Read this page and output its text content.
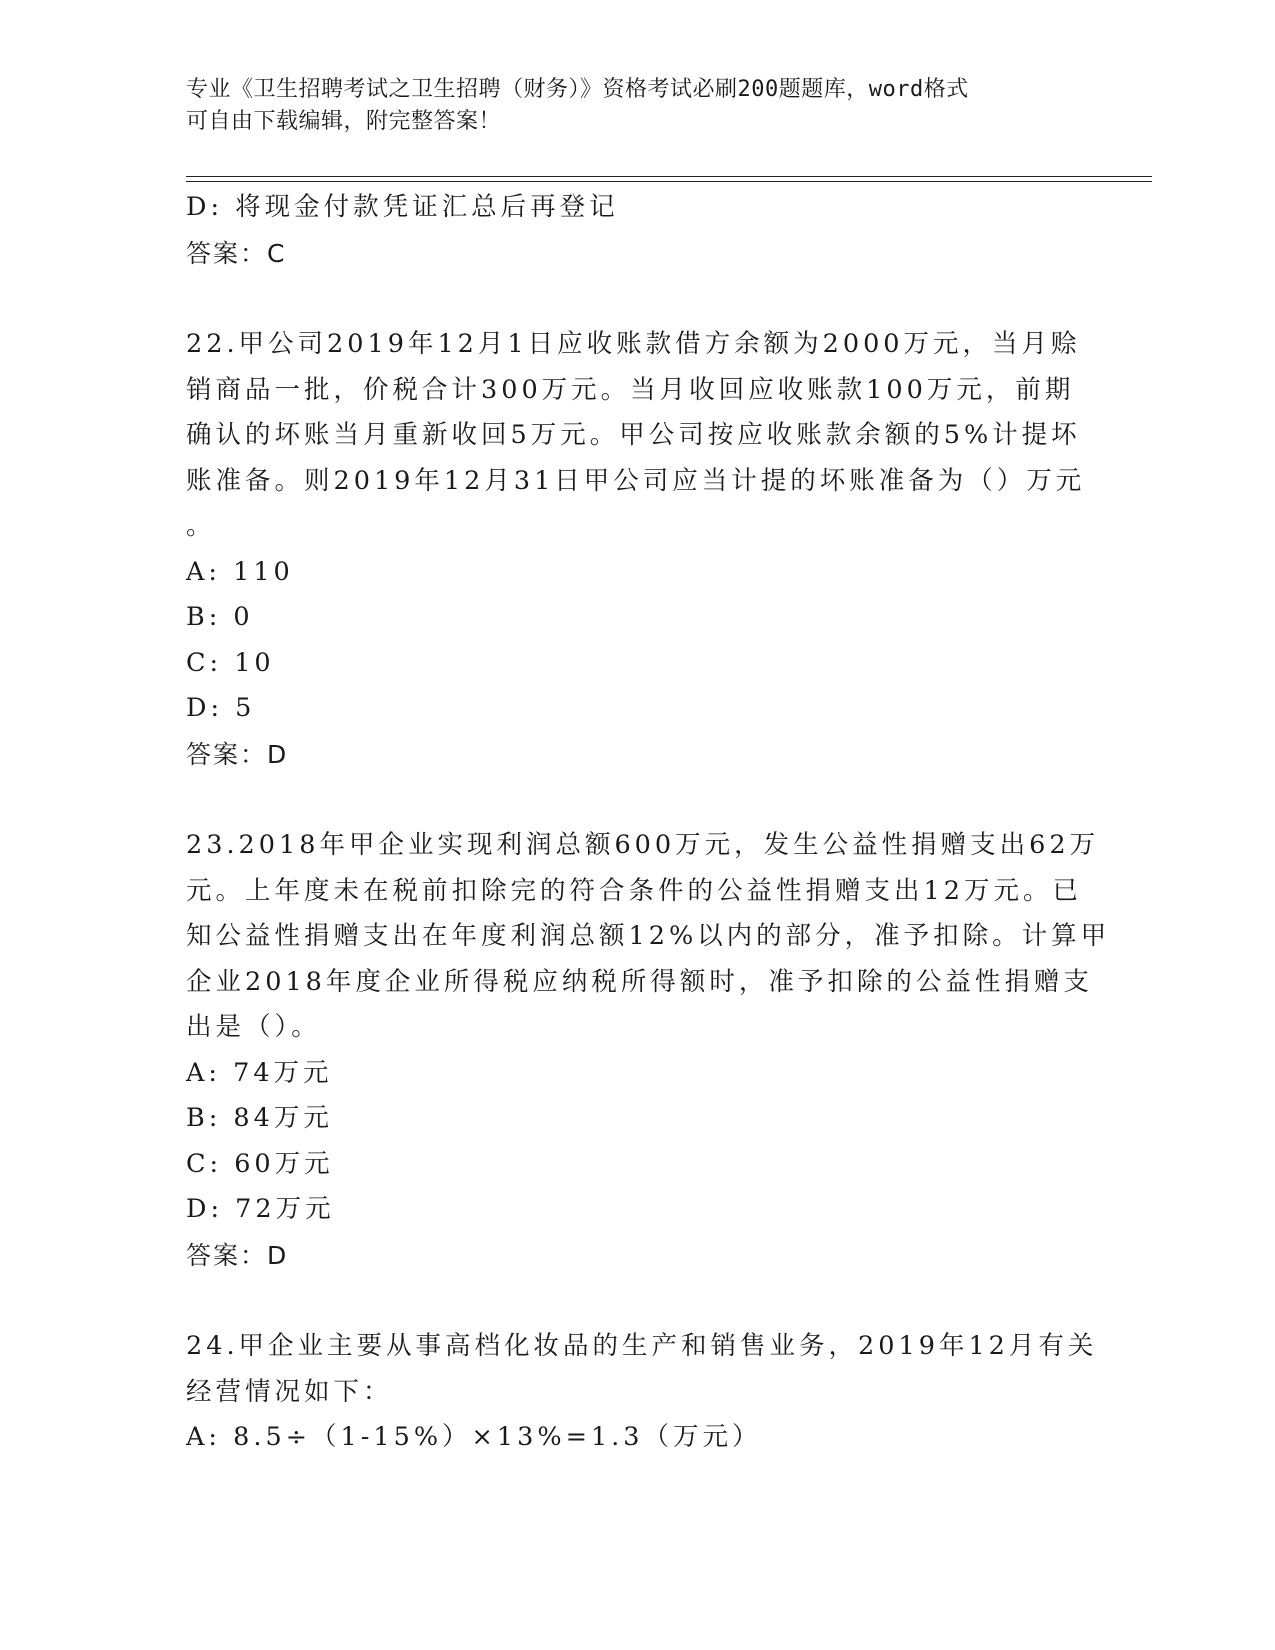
专业《卫生招聘考试之卫生招聘（财务）》资格考试必刷200题题库，word格式
可自由下载编辑，附完整答案！
D: 将现金付款凭证汇总后再登记
答案：C
22.甲公司2019年12月1日应收账款借方余额为2000万元，当月赊
销商品一批，价税合计300万元。当月收回应收账款100万元，前期
确认的坏账当月重新收回5万元。甲公司按应收账款余额的5%计提坏
账准备。则2019年12月31日甲公司应当计提的坏账准备为（）万元
。
A: 110
B: 0
C: 10
D: 5
答案：D
23.2018年甲企业实现利润总额600万元，发生公益性捐赠支出62万
元。上年度未在税前扣除完的符合条件的公益性捐赠支出12万元。已
知公益性捐赠支出在年度利润总额12%以内的部分，准予扣除。计算甲
企业2018年度企业所得税应纳税所得额时，准予扣除的公益性捐赠支
出是（）。
A: 74万元
B: 84万元
C: 60万元
D: 72万元
答案：D
24.甲企业主要从事高档化妆品的生产和销售业务，2019年12月有关
经营情况如下：
A: 8.5÷（1-15%）×13%=1.3（万元）
